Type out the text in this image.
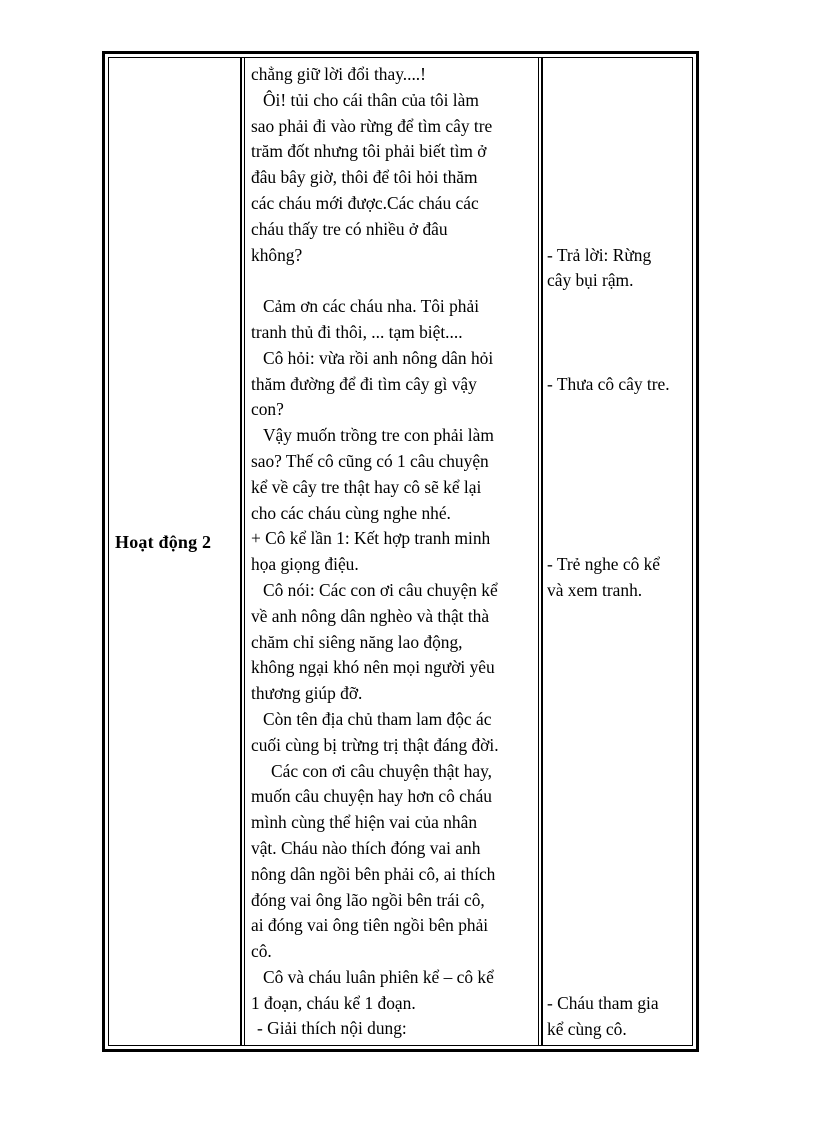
Hoạt động 2

chẳng giữ lời đổi thay....!

Ôi! tủi cho cái thân của tôi làm

sao phải đi vào rừng để tìm cây tre

trăm đốt nhưng tôi phải biết tìm ở

đâu bây giờ, thôi để tôi hỏi thăm

các cháu mới được.Các cháu các

cháu thấy tre có nhiều ở đâu

không?

Cảm ơn các cháu nha. Tôi phải

tranh thủ đi thôi, ... tạm biệt....

Cô hỏi: vừa rồi anh nông dân hỏi

thăm đường để đi tìm cây gì vậy

con?

Vậy muốn trồng tre con phải làm

sao? Thế cô cũng có 1 câu chuyện

kể về cây tre thật hay cô sẽ kể lại

cho các cháu cùng nghe nhé.

+ Cô kể lần 1: Kết hợp tranh minh

họa giọng điệu.

Cô nói: Các con ơi câu chuyện kể

về anh nông dân nghèo và thật thà

chăm chỉ siêng năng lao động,

không ngại khó nên mọi người yêu

thương giúp đỡ.

Còn tên địa chủ tham lam độc ác

cuối cùng bị trừng trị thật đáng đời.

Các con ơi câu chuyện thật hay,

muốn câu chuyện hay hơn cô cháu

mình cùng thể hiện vai của nhân

vật. Cháu nào thích đóng vai anh

nông dân ngồi bên phải cô, ai thích

đóng vai ông lão ngồi bên trái cô,

ai đóng vai ông tiên ngồi bên phải

cô.

Cô và cháu luân phiên kể – cô kể

1 đoạn, cháu kể 1 đoạn.

- Giải thích nội dung:

- Trả lời: Rừng
cây bụi rậm.
- Thưa cô cây tre.
- Trẻ nghe cô kể
và xem tranh.
- Cháu tham gia
kể cùng cô.
